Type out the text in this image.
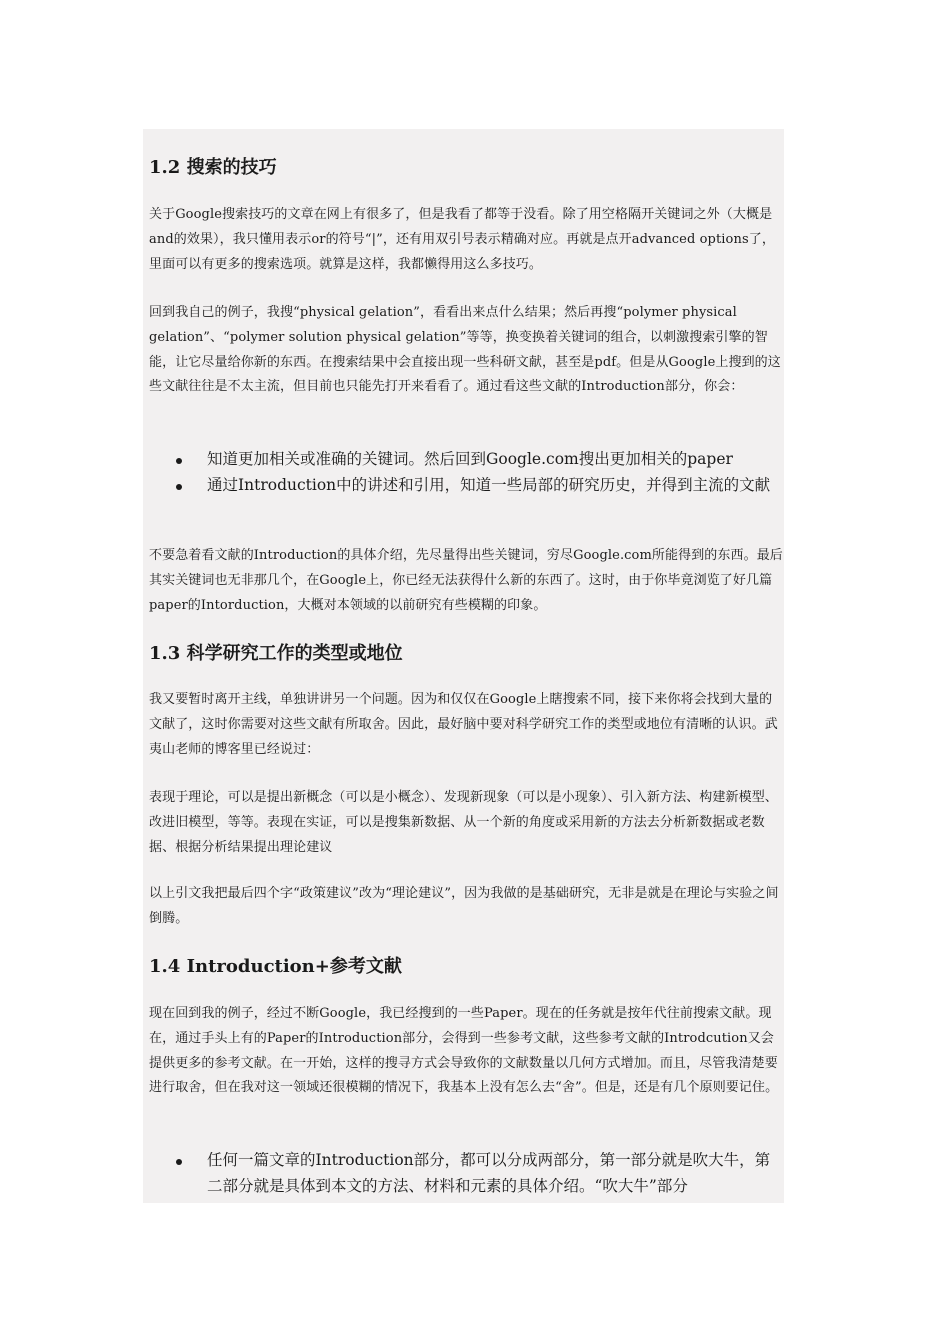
1.2 搜索的技巧

关于Google搜索技巧的文章在网上有很多了，但是我看了都等于没看。除了用空格隔开关键词之外（大概是and的效果），我只懂用表示or的符号“|”，还有用双引号表示精确对应。再就是点开advanced options了，里面可以有更多的搜索选项。就算是这样，我都懒得用这么多技巧。

回到我自己的例子，我搜“physical gelation”，看看出来点什么结果；然后再搜“polymer physical gelation”、“polymer solution physical gelation”等等，换变换着关键词的组合，以刺激搜索引擎的智能，让它尽量给你新的东西。在搜索结果中会直接出现一些科研文献，甚至是pdf。但是从Google上搜到的这些文献往往是不太主流，但目前也只能先打开来看看了。通过看这些文献的Introduction部分，你会：

知道更加相关或准确的关键词。然后回到Google.com搜出更加相关的paper
通过Introduction中的讲述和引用，知道一些局部的研究历史，并得到主流的文献

不要急着看文献的Introduction的具体介绍，先尽量得出些关键词，穷尽Google.com所能得到的东西。最后其实关键词也无非那几个，在Google上，你已经无法获得什么新的东西了。这时，由于你毕竟浏览了好几篇paper的Intorduction，大概对本领域的以前研究有些模糊的印象。

1.3 科学研究工作的类型或地位

我又要暂时离开主线，单独讲讲另一个问题。因为和仅仅在Google上瞎搜索不同，接下来你将会找到大量的文献了，这时你需要对这些文献有所取舍。因此，最好脑中要对科学研究工作的类型或地位有清晰的认识。武夷山老师的博客里已经说过：

表现于理论，可以是提出新概念（可以是小概念）、发现新现象（可以是小现象）、引入新方法、构建新模型、改进旧模型，等等。表现在实证，可以是搜集新数据、从一个新的角度或采用新的方法去分析新数据或老数据、根据分析结果提出理论建议

以上引文我把最后四个字“政策建议”改为“理论建议”，因为我做的是基础研究，无非是就是在理论与实验之间倒腾。

1.4 Introduction+参考文献

现在回到我的例子，经过不断Google，我已经搜到的一些Paper。现在的任务就是按年代往前搜索文献。现在，通过手头上有的Paper的Introduction部分，会得到一些参考文献，这些参考文献的Introdcution又会提供更多的参考文献。在一开始，这样的搜寻方式会导致你的文献数量以几何方式增加。而且，尽管我清楚要进行取舍，但在我对这一领域还很模糊的情况下，我基本上没有怎么去“舍”。但是，还是有几个原则要记住。

任何一篇文章的Introduction部分，都可以分成两部分，第一部分就是吹大牛，第二部分就是具体到本文的方法、材料和元素的具体介绍。“吹大牛”部分
